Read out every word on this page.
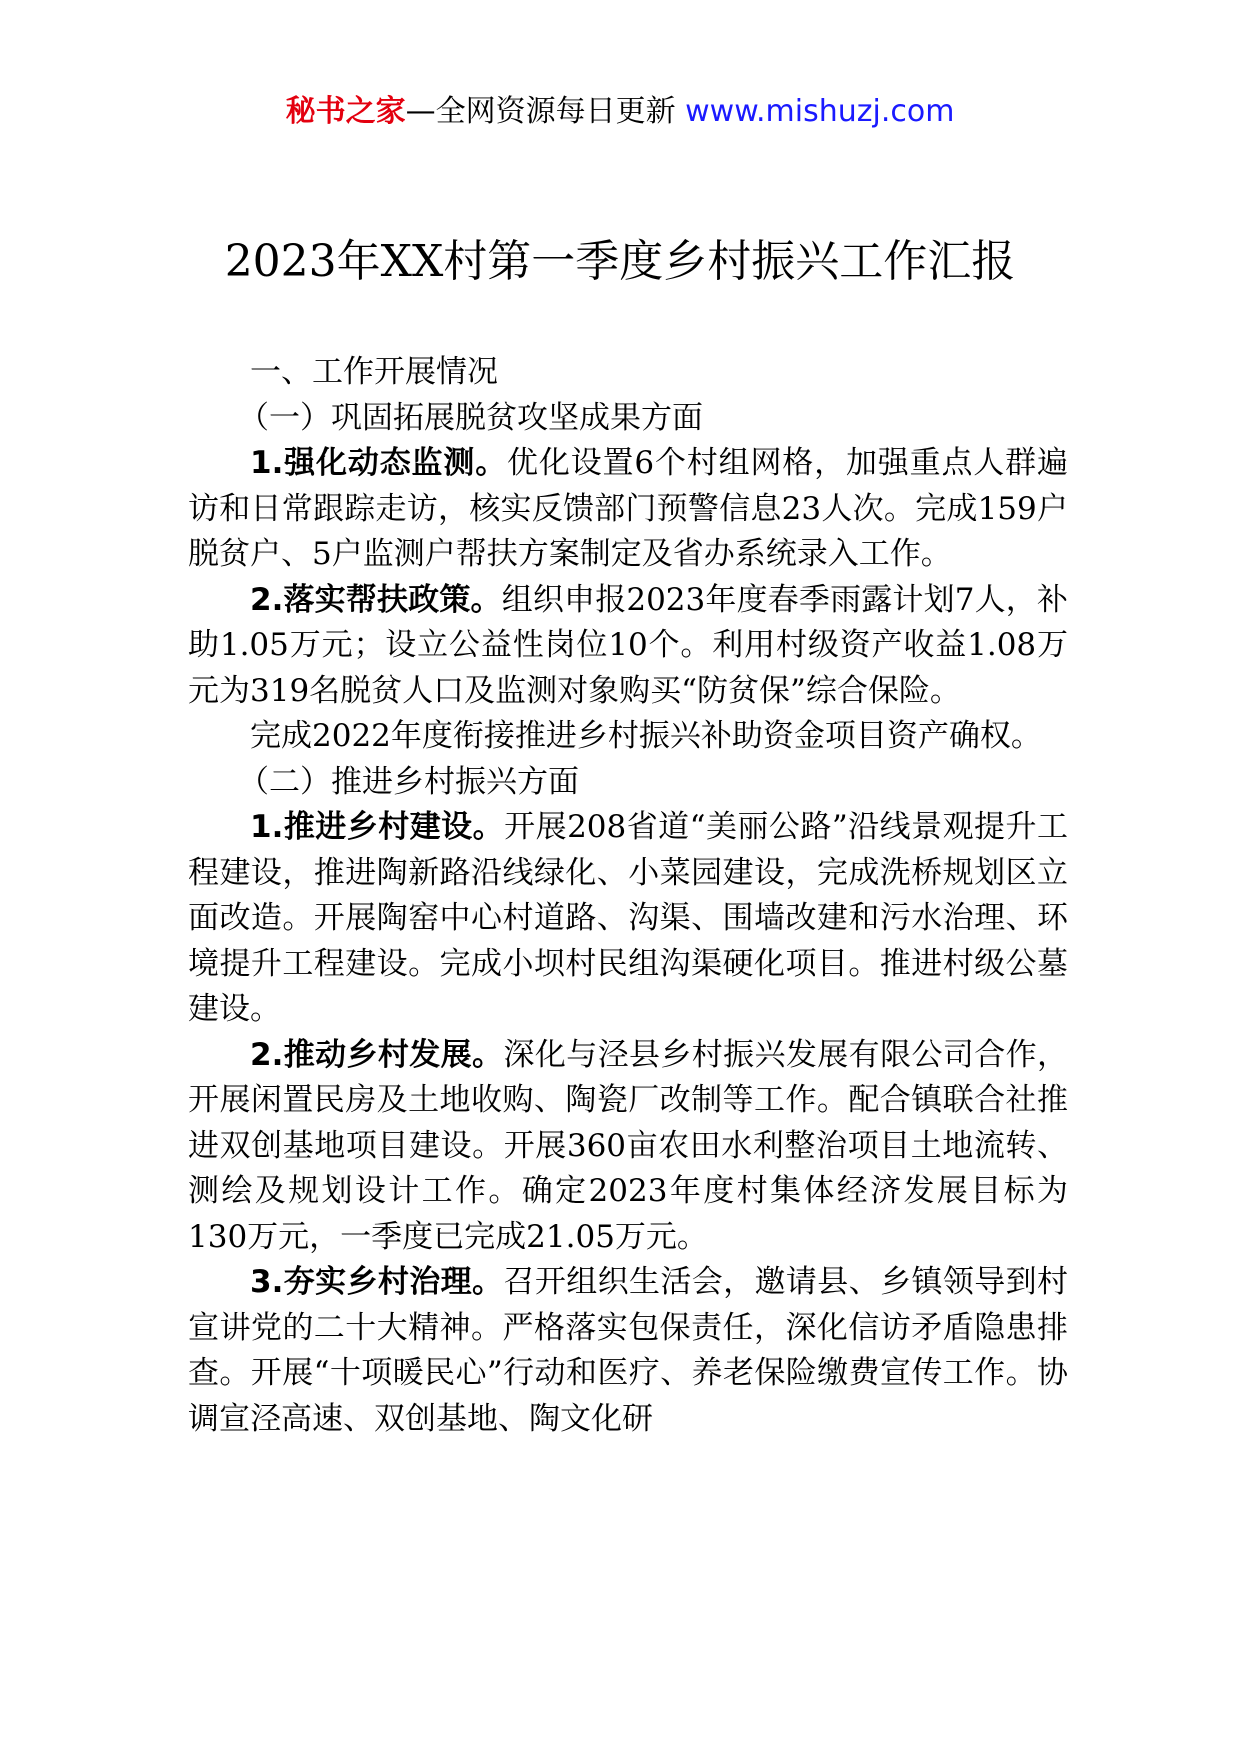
秘书之家—全网资源每日更新 www.mishuzj.com
2023年XX村第一季度乡村振兴工作汇报

一、工作开展情况

（一）巩固拓展脱贫攻坚成果方面

1.强化动态监测。优化设置6个村组网格，加强重点人群遍访和日常跟踪走访，核实反馈部门预警信息23人次。完成159户脱贫户、5户监测户帮扶方案制定及省办系统录入工作。

2.落实帮扶政策。组织申报2023年度春季雨露计划7人，补助1.05万元；设立公益性岗位10个。利用村级资产收益1.08万元为319名脱贫人口及监测对象购买“防贫保”综合保险。

完成2022年度衔接推进乡村振兴补助资金项目资产确权。

（二）推进乡村振兴方面

1.推进乡村建设。开展208省道“美丽公路”沿线景观提升工程建设，推进陶新路沿线绿化、小菜园建设，完成洗桥规划区立面改造。开展陶窑中心村道路、沟渠、围墙改建和污水治理、环境提升工程建设。完成小坝村民组沟渠硬化项目。推进村级公墓建设。

2.推动乡村发展。深化与泾县乡村振兴发展有限公司合作，开展闲置民房及土地收购、陶瓷厂改制等工作。配合镇联合社推进双创基地项目建设。开展360亩农田水利整治项目土地流转、测绘及规划设计工作。确定2023年度村集体经济发展目标为130万元，一季度已完成21.05万元。

3.夯实乡村治理。召开组织生活会，邀请县、乡镇领导到村宣讲党的二十大精神。严格落实包保责任，深化信访矛盾隐患排查。开展“十项暖民心”行动和医疗、养老保险缴费宣传工作。协调宣泾高速、双创基地、陶文化研
